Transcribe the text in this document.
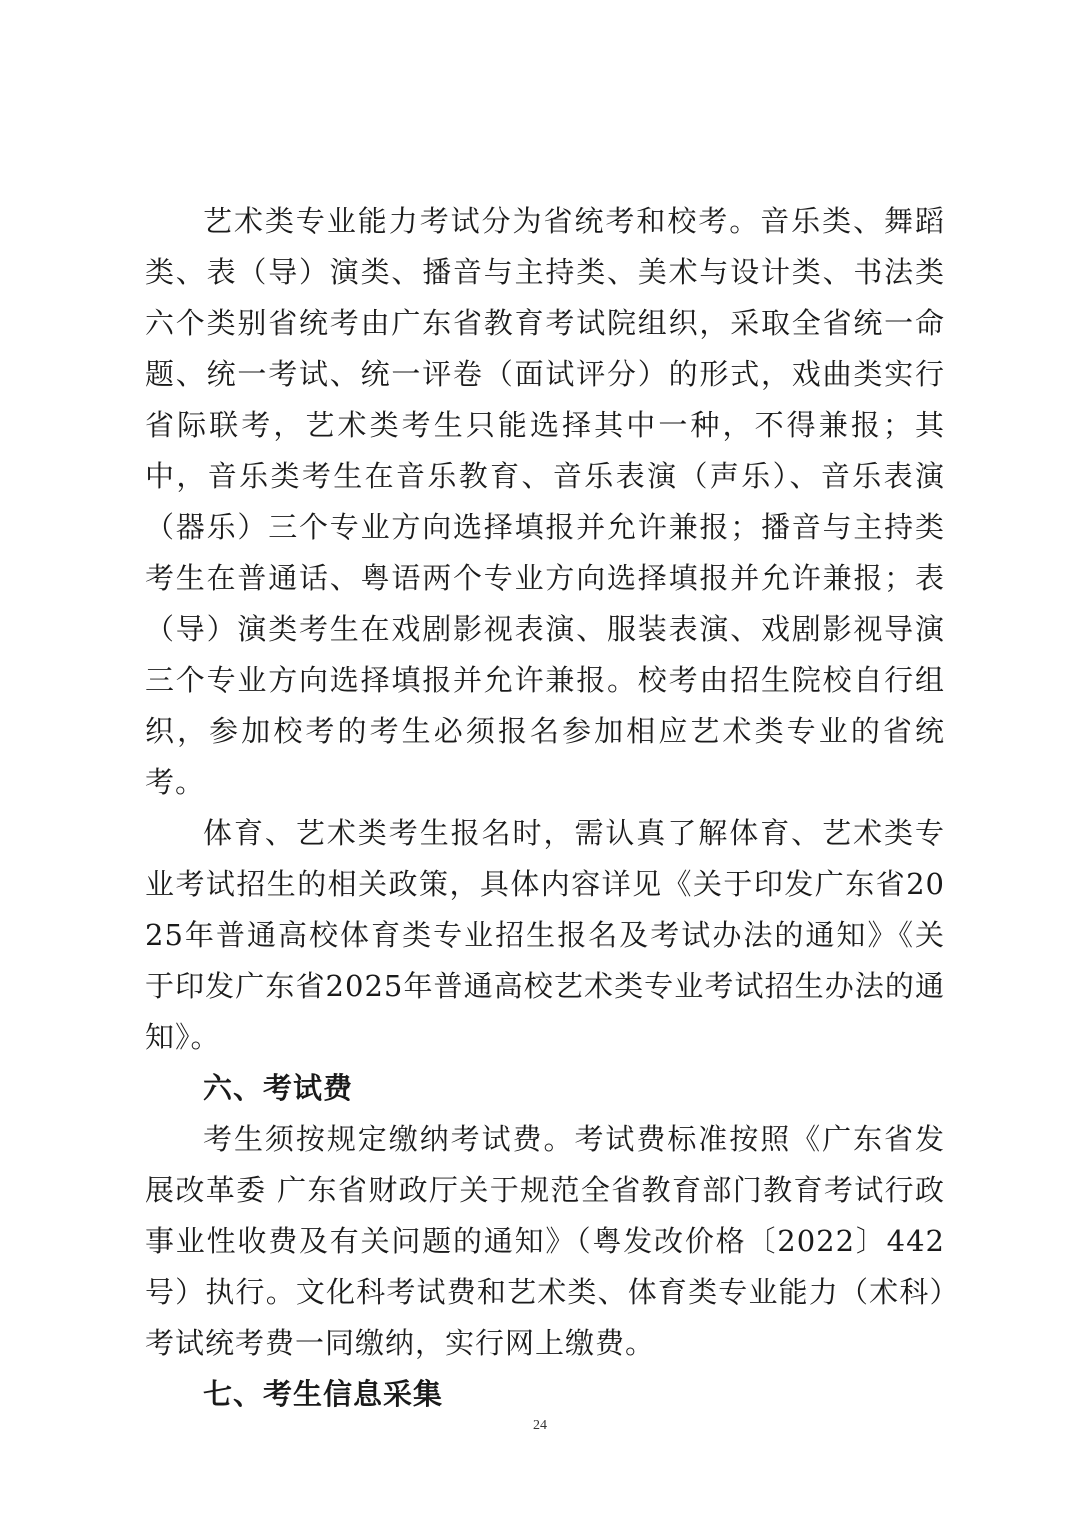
艺术类专业能力考试分为省统考和校考。音乐类、舞蹈类、表（导）演类、播音与主持类、美术与设计类、书法类六个类别省统考由广东省教育考试院组织，采取全省统一命题、统一考试、统一评卷（面试评分）的形式，戏曲类实行省际联考，艺术类考生只能选择其中一种，不得兼报；其中，音乐类考生在音乐教育、音乐表演（声乐）、音乐表演（器乐）三个专业方向选择填报并允许兼报；播音与主持类考生在普通话、粤语两个专业方向选择填报并允许兼报；表（导）演类考生在戏剧影视表演、服装表演、戏剧影视导演三个专业方向选择填报并允许兼报。校考由招生院校自行组织，参加校考的考生必须报名参加相应艺术类专业的省统考。

体育、艺术类考生报名时，需认真了解体育、艺术类专业考试招生的相关政策，具体内容详见《关于印发广东省2025年普通高校体育类专业招生报名及考试办法的通知》《关于印发广东省2025年普通高校艺术类专业考试招生办法的通知》。

六、考试费

考生须按规定缴纳考试费。考试费标准按照《广东省发展改革委 广东省财政厅关于规范全省教育部门教育考试行政事业性收费及有关问题的通知》（粤发改价格〔2022〕442号）执行。文化科考试费和艺术类、体育类专业能力（术科）考试统考费一同缴纳，实行网上缴费。

七、考生信息采集

24
